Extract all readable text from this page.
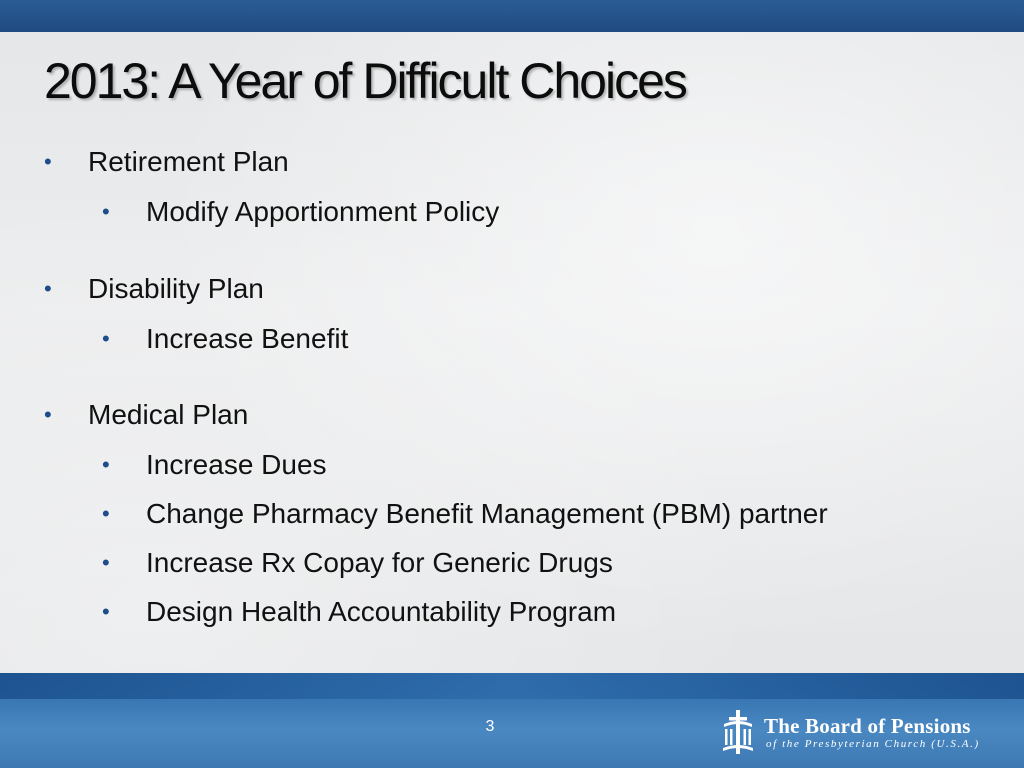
2013: A Year of Difficult Choices
• Retirement Plan
• Modify Apportionment Policy
• Disability Plan
• Increase Benefit
• Medical Plan
• Increase Dues
• Change Pharmacy Benefit Management (PBM) partner
• Increase Rx Copay for Generic Drugs
• Design Health Accountability Program
3	The Board of Pensions
of the Presbyterian Church (U.S.A.)
